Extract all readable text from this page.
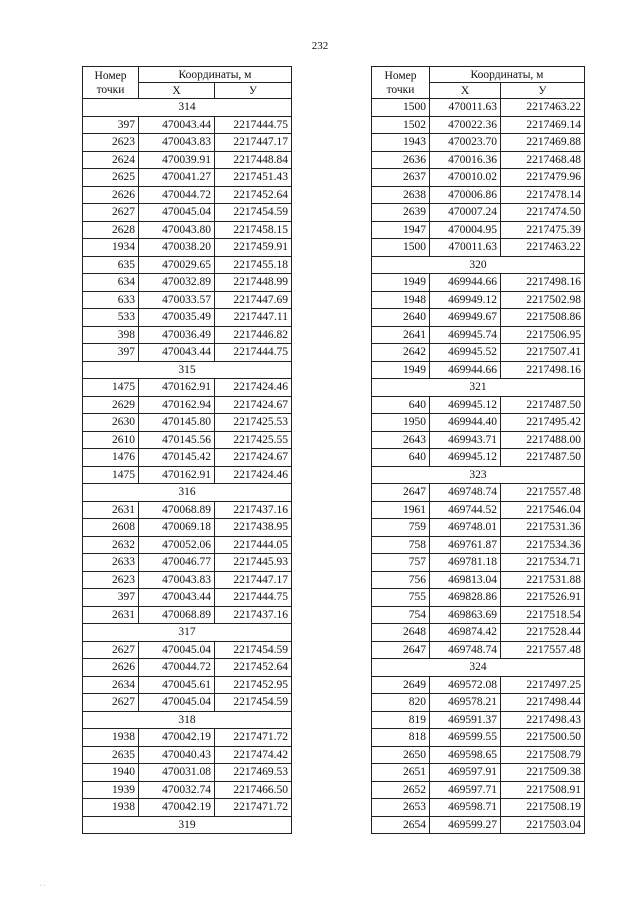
232
Номер точки	Координаты, м	
	X	У
314		
397	470043.44	2217444.75
2623	470043.83	2217447.17
2624	470039.91	2217448.84
2625	470041.27	2217451.43
2626	470044.72	2217452.64
2627	470045.04	2217454.59
2628	470043.80	2217458.15
1934	470038.20	2217459.91
635	470029.65	2217455.18
634	470032.89	2217448.99
633	470033.57	2217447.69
533	470035.49	2217447.11
398	470036.49	2217446.82
397	470043.44	2217444.75
315		
1475	470162.91	2217424.46
2629	470162.94	2217424.67
2630	470145.80	2217425.53
2610	470145.56	2217425.55
1476	470145.42	2217424.67
1475	470162.91	2217424.46
316		
2631	470068.89	2217437.16
2608	470069.18	2217438.95
2632	470052.06	2217444.05
2633	470046.77	2217445.93
2623	470043.83	2217447.17
397	470043.44	2217444.75
2631	470068.89	2217437.16
317		
2627	470045.04	2217454.59
2626	470044.72	2217452.64
2634	470045.61	2217452.95
2627	470045.04	2217454.59
318		
1938	470042.19	2217471.72
2635	470040.43	2217474.42
1940	470031.08	2217469.53
1939	470032.74	2217466.50
1938	470042.19	2217471.72
319		
Номер точки	Координаты, м	
	X	У
1500	470011.63	2217463.22
1502	470022.36	2217469.14
1943	470023.70	2217469.88
2636	470016.36	2217468.48
2637	470010.02	2217479.96
2638	470006.86	2217478.14
2639	470007.24	2217474.50
1947	470004.95	2217475.39
1500	470011.63	2217463.22
320		
1949	469944.66	2217498.16
1948	469949.12	2217502.98
2640	469949.67	2217508.86
2641	469945.74	2217506.95
2642	469945.52	2217507.41
1949	469944.66	2217498.16
321		
640	469945.12	2217487.50
1950	469944.40	2217495.42
2643	469943.71	2217488.00
640	469945.12	2217487.50
323		
2647	469748.74	2217557.48
1961	469744.52	2217546.04
759	469748.01	2217531.36
758	469761.87	2217534.36
757	469781.18	2217534.71
756	469813.04	2217531.88
755	469828.86	2217526.91
754	469863.69	2217518.54
2648	469874.42	2217528.44
2647	469748.74	2217557.48
324		
2649	469572.08	2217497.25
820	469578.21	2217498.44
819	469591.37	2217498.43
818	469599.55	2217500.50
2650	469598.65	2217508.79
2651	469597.91	2217509.38
2652	469597.71	2217508.91
2653	469598.71	2217508.19
2654	469599.27	2217503.04
· ·
